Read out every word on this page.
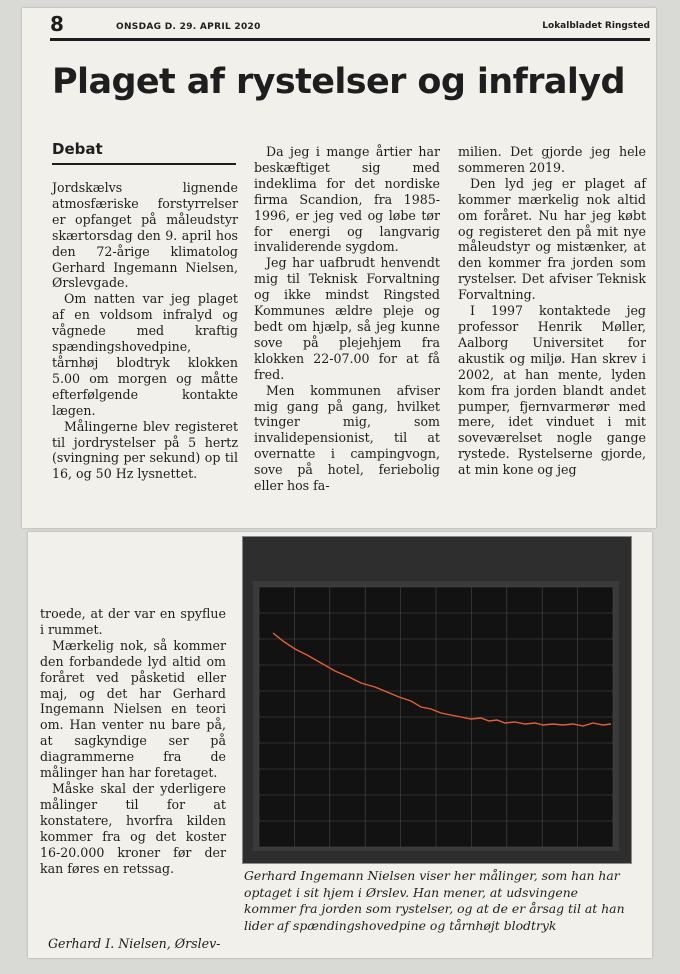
8	ONSDAG D. 29. APRIL 2020	Lokalbladet Ringsted
Plaget af rystelser og infralyd
Debat

Jordskælvs lignende atmosfæriske forstyrrelser er opfanget på måleudstyr skærtorsdag den 9. april hos den 72-årige klimatolog Gerhard Ingemann Nielsen, Ørslevgade.

Om natten var jeg plaget af en voldsom infralyd og vågnede med kraftig spændingshovedpine, tårnhøj blodtryk klokken 5.00 om morgen og måtte efterfølgende kontakte lægen.

Målingerne blev registeret til jordrystelser på 5 hertz (svingning per sekund) op til 16, og 50 Hz lysnettet.

Da jeg i mange årtier har beskæftiget sig med indeklima for det nordiske firma Scandion, fra 1985-1996, er jeg ved og løbe tør for energi og langvarig invaliderende sygdom.

Jeg har uafbrudt henvendt mig til Teknisk Forvaltning og ikke mindst Ringsted Kommunes ældre pleje og bedt om hjælp, så jeg kunne sove på plejehjem fra klokken 22-07.00 for at få fred.

Men kommunen afviser mig gang på gang, hvilket tvinger mig, som invalidepensionist, til at overnatte i campingvogn, sove på hotel, feriebolig eller hos fa-

milien. Det gjorde jeg hele sommeren 2019.

Den lyd jeg er plaget af kommer mærkelig nok altid om foråret. Nu har jeg købt og registeret den på mit nye måleudstyr og mistænker, at den kommer fra jorden som rystelser. Det afviser Teknisk Forvaltning.

I 1997 kontaktede jeg professor Henrik Møller, Aalborg Universitet for akustik og miljø. Han skrev i 2002, at han mente, lyden kom fra jorden blandt andet pumper, fjernvarmerør med mere, idet vinduet i mit soveværelset nogle gange rystede. Rystelserne gjorde, at min kone og jeg

troede, at der var en spyflue i rummet.

Mærkelig nok, så kommer den forbandede lyd altid om foråret ved påsketid eller maj, og det har Gerhard Ingemann Nielsen en teori om. Han venter nu bare på, at sagkyndige ser på diagrammerne fra de målinger han har foretaget.

Måske skal der yderligere målinger til for at konstatere, hvorfra kilden kommer fra og det koster 16-20.000 kroner før der kan føres en retssag.

Gerhard I. Nielsen, Ørslev-
Gerhard Ingemann Nielsen viser her målinger, som han har optaget i sit hjem i Ørslev. Han mener, at udsvingene kommer fra jorden som rystelser, og at de er årsag til at han lider af spændingshovedpine og tårnhøjt blodtryk
